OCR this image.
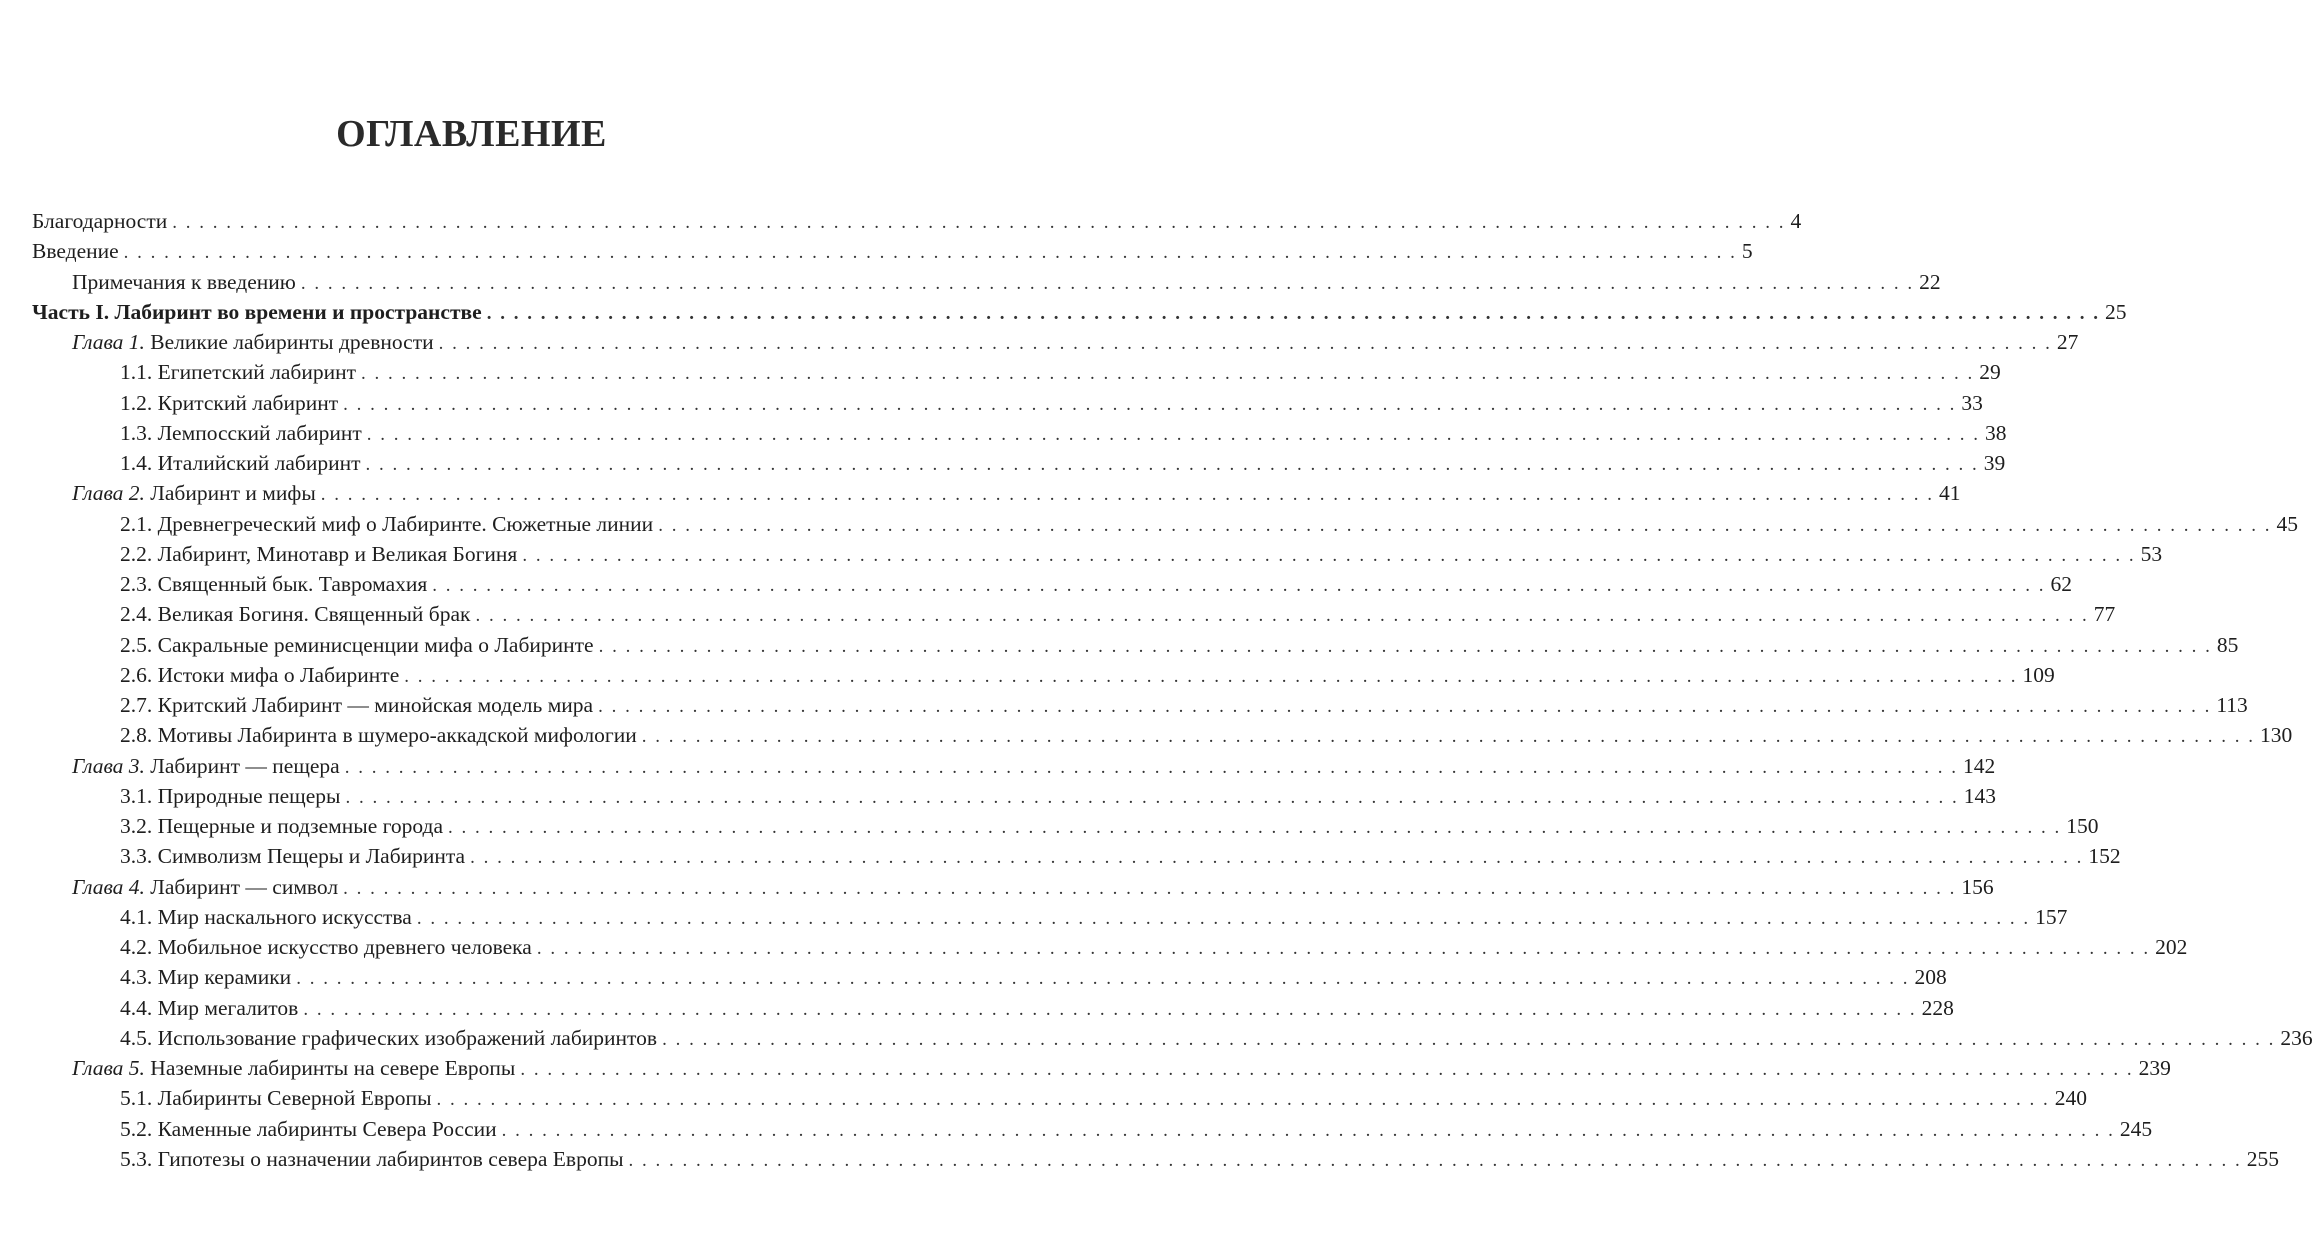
ОГЛАВЛЕНИЕ
Благодарности . . . . . . . . . . . . . . . . . . . . . . . . . . . . . . . . . . . . . . . . . . . . . . . . . . . . . . . . . . . . . . . . . . . . . . . . . . . . . . . . . . . . . . . . . . . . . . . . . . . . . . . . . . . . . . . . . . . . . . . . 4
Введение . . . . . . . . . . . . . . . . . . . . . . . . . . . . . . . . . . . . . . . . . . . . . . . . . . . . . . . . . . . . . . . . . . . . . . . . . . . . . . . . . . . . . . . . . . . . . . . . . . . . . . . . . . . . . . . . . . . . . . . . 5
Примечания к введению . . . . . . . . . . . . . . . . . . . . . . . . . . . . . . . . . . . . . . . . . . . . . . . . . . . . . . . . . . . . . . . . . . . . . . . . . . . . . . . . . . . . . . . . . . . . . . . . . . . . . . . . . . . . . . . . . . . . . . . . 22
Часть I. Лабиринт во времени и пространстве . . . . . . . . . . . . . . . . . . . . . . . . . . . . . . . . . . . . . . . . . . . . . . . . . . . . . . . . . . . . . . . . . . . . . . . . . . . . . . . . . . . . . . . . . . . . . . . . . . . . . . . . . . . . . . . . . . . . . . . . 25
Глава 1. Великие лабиринты древности . . . . . . . . . . . . . . . . . . . . . . . . . . . . . . . . . . . . . . . . . . . . . . . . . . . . . . . . . . . . . . . . . . . . . . . . . . . . . . . . . . . . . . . . . . . . . . . . . . . . . . . . . . . . . . . . . . . . . . . . 27
1.1. Египетский лабиринт . . . . . . . . . . . . . . . . . . . . . . . . . . . . . . . . . . . . . . . . . . . . . . . . . . . . . . . . . . . . . . . . . . . . . . . . . . . . . . . . . . . . . . . . . . . . . . . . . . . . . . . . . . . . . . . . . . . . . . . . 29
1.2. Критский лабиринт . . . . . . . . . . . . . . . . . . . . . . . . . . . . . . . . . . . . . . . . . . . . . . . . . . . . . . . . . . . . . . . . . . . . . . . . . . . . . . . . . . . . . . . . . . . . . . . . . . . . . . . . . . . . . . . . . . . . . . . . 33
1.3. Лемпосский лабиринт . . . . . . . . . . . . . . . . . . . . . . . . . . . . . . . . . . . . . . . . . . . . . . . . . . . . . . . . . . . . . . . . . . . . . . . . . . . . . . . . . . . . . . . . . . . . . . . . . . . . . . . . . . . . . . . . . . . . . . . . 38
1.4. Италийский лабиринт . . . . . . . . . . . . . . . . . . . . . . . . . . . . . . . . . . . . . . . . . . . . . . . . . . . . . . . . . . . . . . . . . . . . . . . . . . . . . . . . . . . . . . . . . . . . . . . . . . . . . . . . . . . . . . . . . . . . . . . . 39
Глава 2. Лабиринт и мифы . . . . . . . . . . . . . . . . . . . . . . . . . . . . . . . . . . . . . . . . . . . . . . . . . . . . . . . . . . . . . . . . . . . . . . . . . . . . . . . . . . . . . . . . . . . . . . . . . . . . . . . . . . . . . . . . . . . . . . . . 41
2.1. Древнегреческий миф о Лабиринте. Сюжетные линии . . . . . . . . . . . . . . . . . . . . . . . . . . . . . . . . . . . . . . . . . . . . . . . . . . . . . . . . . . . . . . . . . . . . . . . . . . . . . . . . . . . . . . . . . . . . . . . . . . . . . . . . . . . . . . . . . . . . . . . . 45
2.2. Лабиринт, Минотавр и Великая Богиня . . . . . . . . . . . . . . . . . . . . . . . . . . . . . . . . . . . . . . . . . . . . . . . . . . . . . . . . . . . . . . . . . . . . . . . . . . . . . . . . . . . . . . . . . . . . . . . . . . . . . . . . . . . . . . . . . . . . . . . . 53
2.3. Священный бык. Тавромахия . . . . . . . . . . . . . . . . . . . . . . . . . . . . . . . . . . . . . . . . . . . . . . . . . . . . . . . . . . . . . . . . . . . . . . . . . . . . . . . . . . . . . . . . . . . . . . . . . . . . . . . . . . . . . . . . . . . . . . . . 62
2.4. Великая Богиня. Священный брак . . . . . . . . . . . . . . . . . . . . . . . . . . . . . . . . . . . . . . . . . . . . . . . . . . . . . . . . . . . . . . . . . . . . . . . . . . . . . . . . . . . . . . . . . . . . . . . . . . . . . . . . . . . . . . . . . . . . . . . . 77
2.5. Сакральные реминисценции мифа о Лабиринте . . . . . . . . . . . . . . . . . . . . . . . . . . . . . . . . . . . . . . . . . . . . . . . . . . . . . . . . . . . . . . . . . . . . . . . . . . . . . . . . . . . . . . . . . . . . . . . . . . . . . . . . . . . . . . . . . . . . . . . . 85
2.6. Истоки мифа о Лабиринте . . . . . . . . . . . . . . . . . . . . . . . . . . . . . . . . . . . . . . . . . . . . . . . . . . . . . . . . . . . . . . . . . . . . . . . . . . . . . . . . . . . . . . . . . . . . . . . . . . . . . . . . . . . . . . . . . . . . . . . . 109
2.7. Критский Лабиринт — минойская модель мира . . . . . . . . . . . . . . . . . . . . . . . . . . . . . . . . . . . . . . . . . . . . . . . . . . . . . . . . . . . . . . . . . . . . . . . . . . . . . . . . . . . . . . . . . . . . . . . . . . . . . . . . . . . . . . . . . . . . . . . . 113
2.8. Мотивы Лабиринта в шумеро-аккадской мифологии . . . . . . . . . . . . . . . . . . . . . . . . . . . . . . . . . . . . . . . . . . . . . . . . . . . . . . . . . . . . . . . . . . . . . . . . . . . . . . . . . . . . . . . . . . . . . . . . . . . . . . . . . . . . . . . . . . . . . . . . 130
Глава 3. Лабиринт — пещера . . . . . . . . . . . . . . . . . . . . . . . . . . . . . . . . . . . . . . . . . . . . . . . . . . . . . . . . . . . . . . . . . . . . . . . . . . . . . . . . . . . . . . . . . . . . . . . . . . . . . . . . . . . . . . . . . . . . . . . . 142
3.1. Природные пещеры . . . . . . . . . . . . . . . . . . . . . . . . . . . . . . . . . . . . . . . . . . . . . . . . . . . . . . . . . . . . . . . . . . . . . . . . . . . . . . . . . . . . . . . . . . . . . . . . . . . . . . . . . . . . . . . . . . . . . . . . 143
3.2. Пещерные и подземные города . . . . . . . . . . . . . . . . . . . . . . . . . . . . . . . . . . . . . . . . . . . . . . . . . . . . . . . . . . . . . . . . . . . . . . . . . . . . . . . . . . . . . . . . . . . . . . . . . . . . . . . . . . . . . . . . . . . . . . . . 150
3.3. Символизм Пещеры и Лабиринта . . . . . . . . . . . . . . . . . . . . . . . . . . . . . . . . . . . . . . . . . . . . . . . . . . . . . . . . . . . . . . . . . . . . . . . . . . . . . . . . . . . . . . . . . . . . . . . . . . . . . . . . . . . . . . . . . . . . . . . . 152
Глава 4. Лабиринт — символ . . . . . . . . . . . . . . . . . . . . . . . . . . . . . . . . . . . . . . . . . . . . . . . . . . . . . . . . . . . . . . . . . . . . . . . . . . . . . . . . . . . . . . . . . . . . . . . . . . . . . . . . . . . . . . . . . . . . . . . . 156
4.1. Мир наскального искусства . . . . . . . . . . . . . . . . . . . . . . . . . . . . . . . . . . . . . . . . . . . . . . . . . . . . . . . . . . . . . . . . . . . . . . . . . . . . . . . . . . . . . . . . . . . . . . . . . . . . . . . . . . . . . . . . . . . . . . . . 157
4.2. Мобильное искусство древнего человека . . . . . . . . . . . . . . . . . . . . . . . . . . . . . . . . . . . . . . . . . . . . . . . . . . . . . . . . . . . . . . . . . . . . . . . . . . . . . . . . . . . . . . . . . . . . . . . . . . . . . . . . . . . . . . . . . . . . . . . . 202
4.3. Мир керамики . . . . . . . . . . . . . . . . . . . . . . . . . . . . . . . . . . . . . . . . . . . . . . . . . . . . . . . . . . . . . . . . . . . . . . . . . . . . . . . . . . . . . . . . . . . . . . . . . . . . . . . . . . . . . . . . . . . . . . . . 208
4.4. Мир мегалитов . . . . . . . . . . . . . . . . . . . . . . . . . . . . . . . . . . . . . . . . . . . . . . . . . . . . . . . . . . . . . . . . . . . . . . . . . . . . . . . . . . . . . . . . . . . . . . . . . . . . . . . . . . . . . . . . . . . . . . . . 228
4.5. Использование графических изображений лабиринтов . . . . . . . . . . . . . . . . . . . . . . . . . . . . . . . . . . . . . . . . . . . . . . . . . . . . . . . . . . . . . . . . . . . . . . . . . . . . . . . . . . . . . . . . . . . . . . . . . . . . . . . . . . . . . . . . . . . . . . . . 236
Глава 5. Наземные лабиринты на севере Европы . . . . . . . . . . . . . . . . . . . . . . . . . . . . . . . . . . . . . . . . . . . . . . . . . . . . . . . . . . . . . . . . . . . . . . . . . . . . . . . . . . . . . . . . . . . . . . . . . . . . . . . . . . . . . . . . . . . . . . . . 239
5.1. Лабиринты Северной Европы . . . . . . . . . . . . . . . . . . . . . . . . . . . . . . . . . . . . . . . . . . . . . . . . . . . . . . . . . . . . . . . . . . . . . . . . . . . . . . . . . . . . . . . . . . . . . . . . . . . . . . . . . . . . . . . . . . . . . . . . 240
5.2. Каменные лабиринты Севера России . . . . . . . . . . . . . . . . . . . . . . . . . . . . . . . . . . . . . . . . . . . . . . . . . . . . . . . . . . . . . . . . . . . . . . . . . . . . . . . . . . . . . . . . . . . . . . . . . . . . . . . . . . . . . . . . . . . . . . . . 245
5.3. Гипотезы о назначении лабиринтов севера Европы . . . . . . . . . . . . . . . . . . . . . . . . . . . . . . . . . . . . . . . . . . . . . . . . . . . . . . . . . . . . . . . . . . . . . . . . . . . . . . . . . . . . . . . . . . . . . . . . . . . . . . . . . . . . . . . . . . . . . . . . 255
